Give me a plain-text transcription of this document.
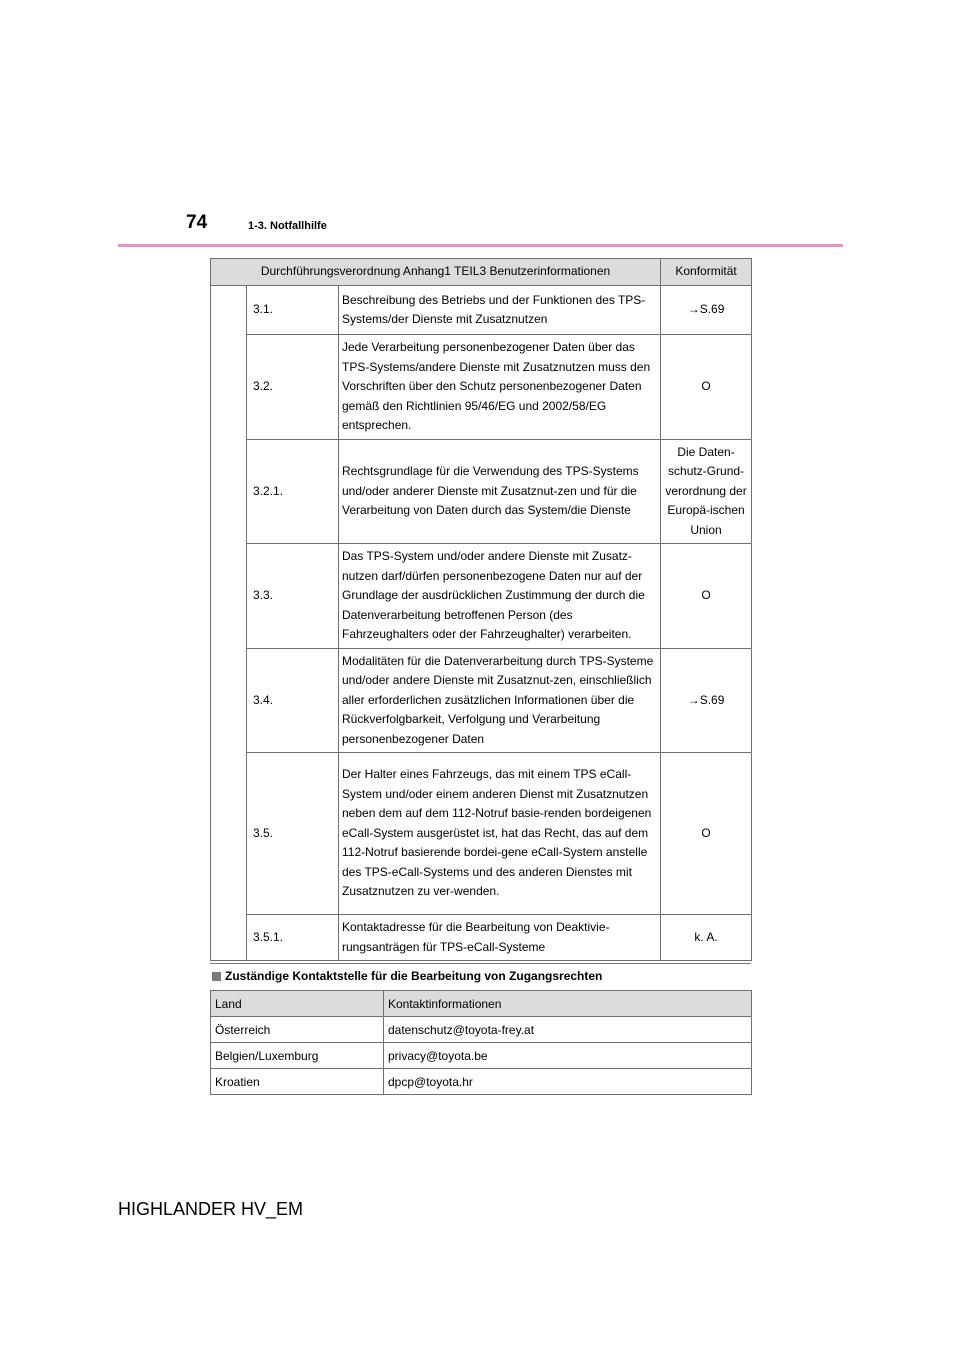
74	1-3. Notfallhilfe
Durchführungsverordnung Anhang1 TEIL3 Benutzerinformationen			Konformität
	3.1.	Beschreibung des Betriebs und der Funktionen des TPS-Systems/der Dienste mit Zusatznutzen	→S.69
	3.2.	Jede Verarbeitung personenbezogener Daten über das TPS-Systems/andere Dienste mit Zusatznutzen muss den Vorschriften über den Schutz personenbezogener Daten gemäß den Richtlinien 95/46/EG und 2002/58/EG entsprechen.	O
	3.2.1.	Rechtsgrundlage für die Verwendung des TPS-Systems und/oder anderer Dienste mit Zusatznut-zen und für die Verarbeitung von Daten durch das System/die Dienste	Die Daten-schutz-Grund-verordnung der Europä-ischen Union
	3.3.	Das TPS-System und/oder andere Dienste mit Zusatz-nutzen darf/dürfen personenbezogene Daten nur auf der Grundlage der ausdrücklichen Zustimmung der durch die Datenverarbeitung betroffenen Person (des Fahrzeughalters oder der Fahrzeughalter) verarbeiten.	O
	3.4.	Modalitäten für die Datenverarbeitung durch TPS-Systeme und/oder andere Dienste mit Zusatznut-zen, einschließlich aller erforderlichen zusätzlichen Informationen über die Rückverfolgbarkeit, Verfolgung und Verarbeitung personenbezogener Daten	→S.69
	3.5.	Der Halter eines Fahrzeugs, das mit einem TPS eCall-System und/oder einem anderen Dienst mit Zusatznutzen neben dem auf dem 112-Notruf basie-renden bordeigenen eCall-System ausgerüstet ist, hat das Recht, das auf dem 112-Notruf basierende bordei-gene eCall-System anstelle des TPS-eCall-Systems und des anderen Dienstes mit Zusatznutzen zu ver-wenden.	O
	3.5.1.	Kontaktadresse für die Bearbeitung von Deaktivie-rungsanträgen für TPS-eCall-Systeme	k. A.
Zuständige Kontaktstelle für die Bearbeitung von Zugangsrechten
Land	Kontaktinformationen
Österreich	datenschutz@toyota-frey.at
Belgien/Luxemburg	privacy@toyota.be
Kroatien	dpcp@toyota.hr
HIGHLANDER HV_EM
